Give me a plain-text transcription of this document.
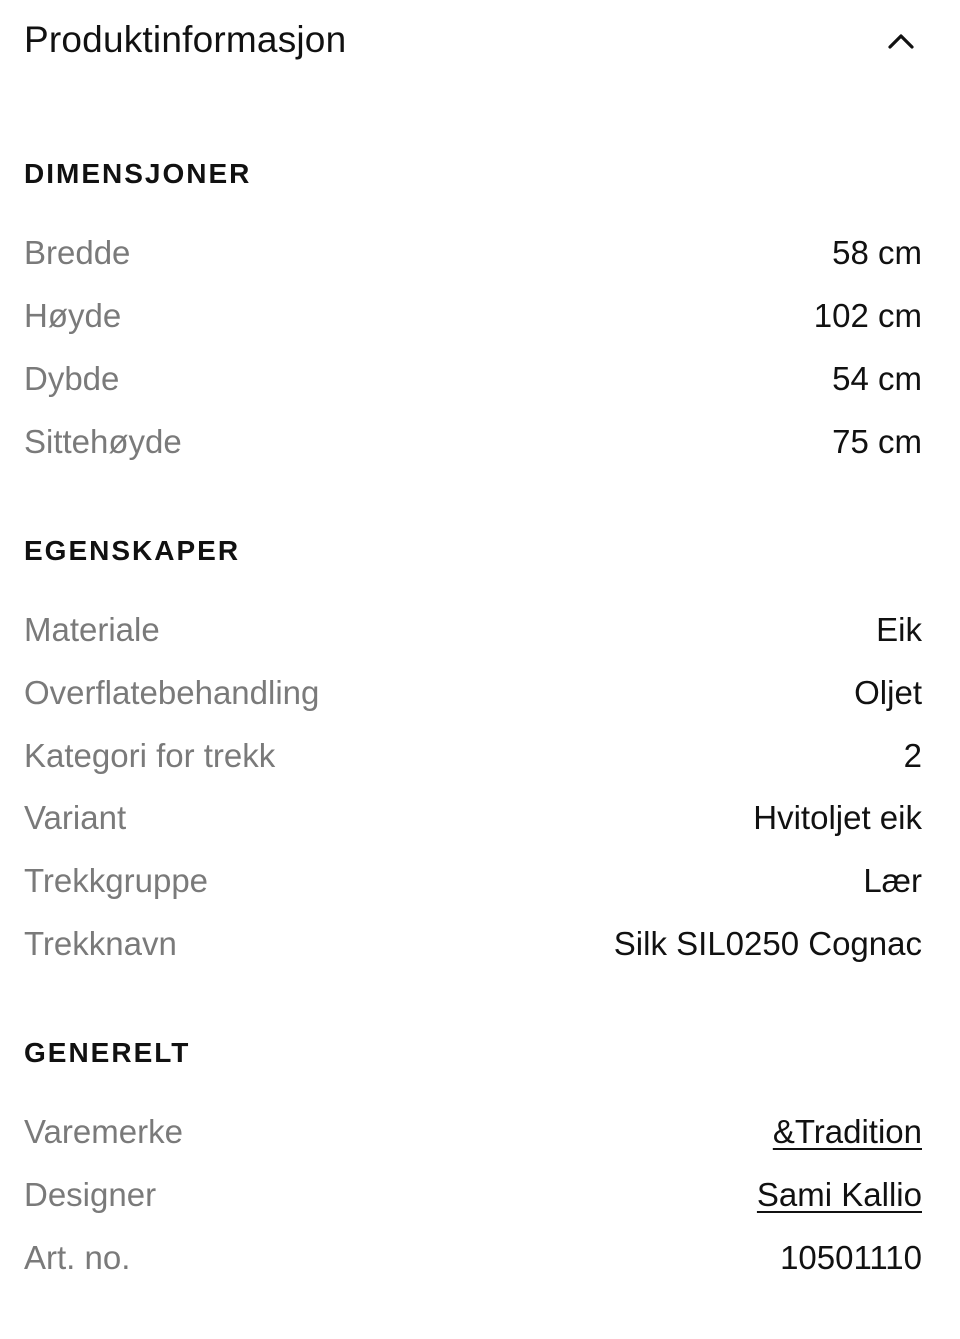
Produktinformasjon
DIMENSJONER
Bredde	58 cm
Høyde	102 cm
Dybde	54 cm
Sittehøyde	75 cm
EGENSKAPER
Materiale	Eik
Overflatebehandling	Oljet
Kategori for trekk	2
Variant	Hvitoljet eik
Trekkgruppe	Lær
Trekknavn	Silk SIL0250 Cognac
GENERELT
Varemerke	&Tradition
Designer	Sami Kallio
Art. no.	10501110
